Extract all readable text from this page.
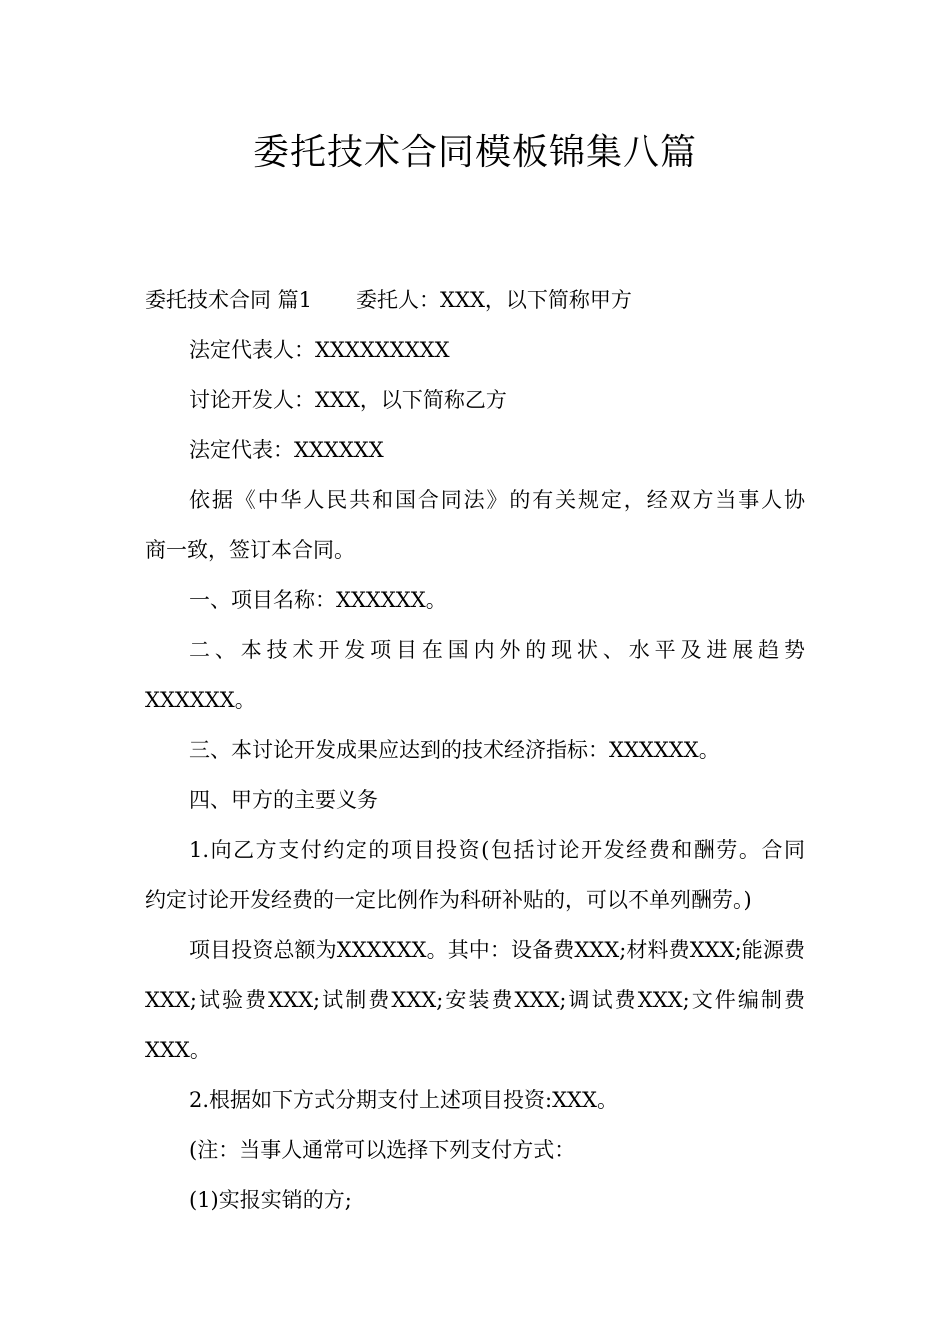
委托技术合同模板锦集八篇

委托技术合同 篇1 委托人：XXX，以下简称甲方

法定代表人：XXXXXXXXX

讨论开发人：XXX，以下简称乙方

法定代表：XXXXXX

依据《中华人民共和国合同法》的有关规定，经双方当事人协

商一致，签订本合同。

一、项目名称：XXXXXX。

二、本技术开发项目在国内外的现状、水平及进展趋势

XXXXXX。

三、本讨论开发成果应达到的技术经济指标：XXXXXX。

四、甲方的主要义务

1.向乙方支付约定的项目投资(包括讨论开发经费和酬劳。合同

约定讨论开发经费的一定比例作为科研补贴的，可以不单列酬劳。)

项目投资总额为XXXXXX。其中：设备费XXX;材料费XXX;能源费

XXX;试验费XXX;试制费XXX;安装费XXX;调试费XXX;文件编制费

XXX。

2.根据如下方式分期支付上述项目投资:XXX。

(注：当事人通常可以选择下列支付方式：

(1)实报实销的方;
